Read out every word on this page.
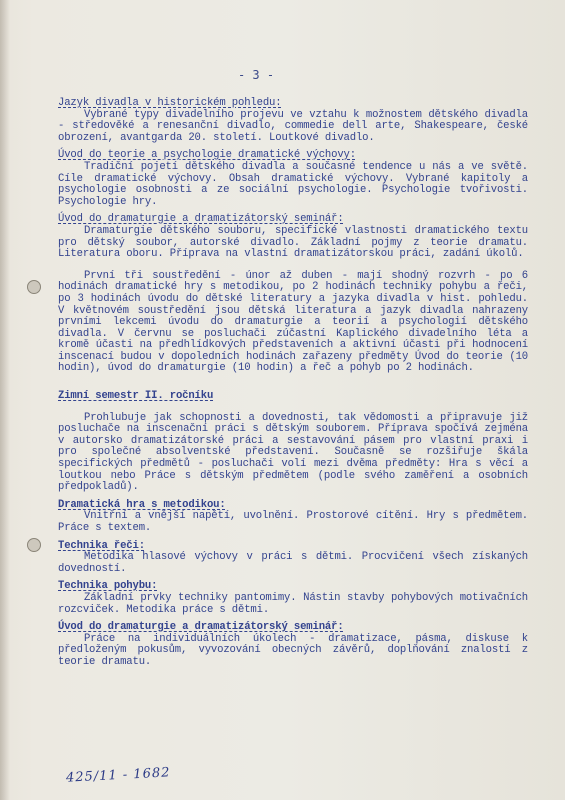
- 3 -

Jazyk divadla v historickém pohledu:

Vybrané typy divadelního projevu ve vztahu k možnostem dětského divadla - středověké a renesanční divadlo, commedie dell arte, Shakespeare, české obrození, avantgarda 20. století. Loutkové divadlo.

Úvod do teorie a psychologie dramatické výchovy:

Tradiční pojetí dětského divadla a současné tendence u nás a ve světě. Cíle dramatické výchovy. Obsah dramatické výchovy. Vybrané kapitoly a psychologie osobnosti a ze sociální psychologie. Psychologie tvořivosti. Psychologie hry.

Úvod do dramaturgie a dramatizátorský seminář:

Dramaturgie dětského souboru, specifické vlastnosti dramatického textu pro dětský soubor, autorské divadlo. Základní pojmy z teorie dramatu. Literatura oboru. Příprava na vlastní dramatizátorskou práci, zadání úkolů.

První tři soustředění - únor až duben - mají shodný rozvrh - po 6 hodinách dramatické hry s metodikou, po 2 hodinách techniky pohybu a řeči, po 3 hodinách úvodu do dětské literatury a jazyka divadla v hist. pohledu. V květnovém soustředění jsou dětská literatura a jazyk divadla nahrazeny prvními lekcemi úvodu do dramaturgie a teorií a psychologií dětského divadla. V červnu se posluchači zúčastní Kaplického divadelního léta a kromě účasti na předhlídkových představeních a aktivní účasti při hodnocení inscenací budou v dopoledních hodinách zařazeny předměty Úvod do teorie (10 hodin), úvod do dramaturgie (10 hodin) a řeč a pohyb po 2 hodinách.

Zimní semestr II. ročníku

Prohlubuje jak schopnosti a dovednosti, tak vědomosti a připravuje již posluchače na inscenační práci s dětským souborem. Příprava spočívá zejména v autorsko dramatizátorské práci a sestavování pásem pro vlastní praxi i pro společné absolventské představení. Současně se rozšiřuje škála specifických předmětů - posluchači volí mezi dvěma předměty: Hra s věcí a loutkou nebo Práce s dětským předmětem (podle svého zaměření a osobních předpokladů).

Dramatická hra s metodikou:

Vnitřní a vnější napětí, uvolnění. Prostorové cítění. Hry s předmětem. Práce s textem.

Technika řeči:

Metodika hlasové výchovy v práci s dětmi. Procvičení všech získaných dovedností.

Technika pohybu:

Základní prvky techniky pantomimy. Nástin stavby pohybových motivačních rozcviček. Metodika práce s dětmi.

Úvod do dramaturgie a dramatizátorský seminář:

Práce na individuálních úkolech - dramatizace, pásma, diskuse k předloženým pokusům, vyvozování obecných závěrů, doplňování znalostí z teorie dramatu.

425/11 - 1682
